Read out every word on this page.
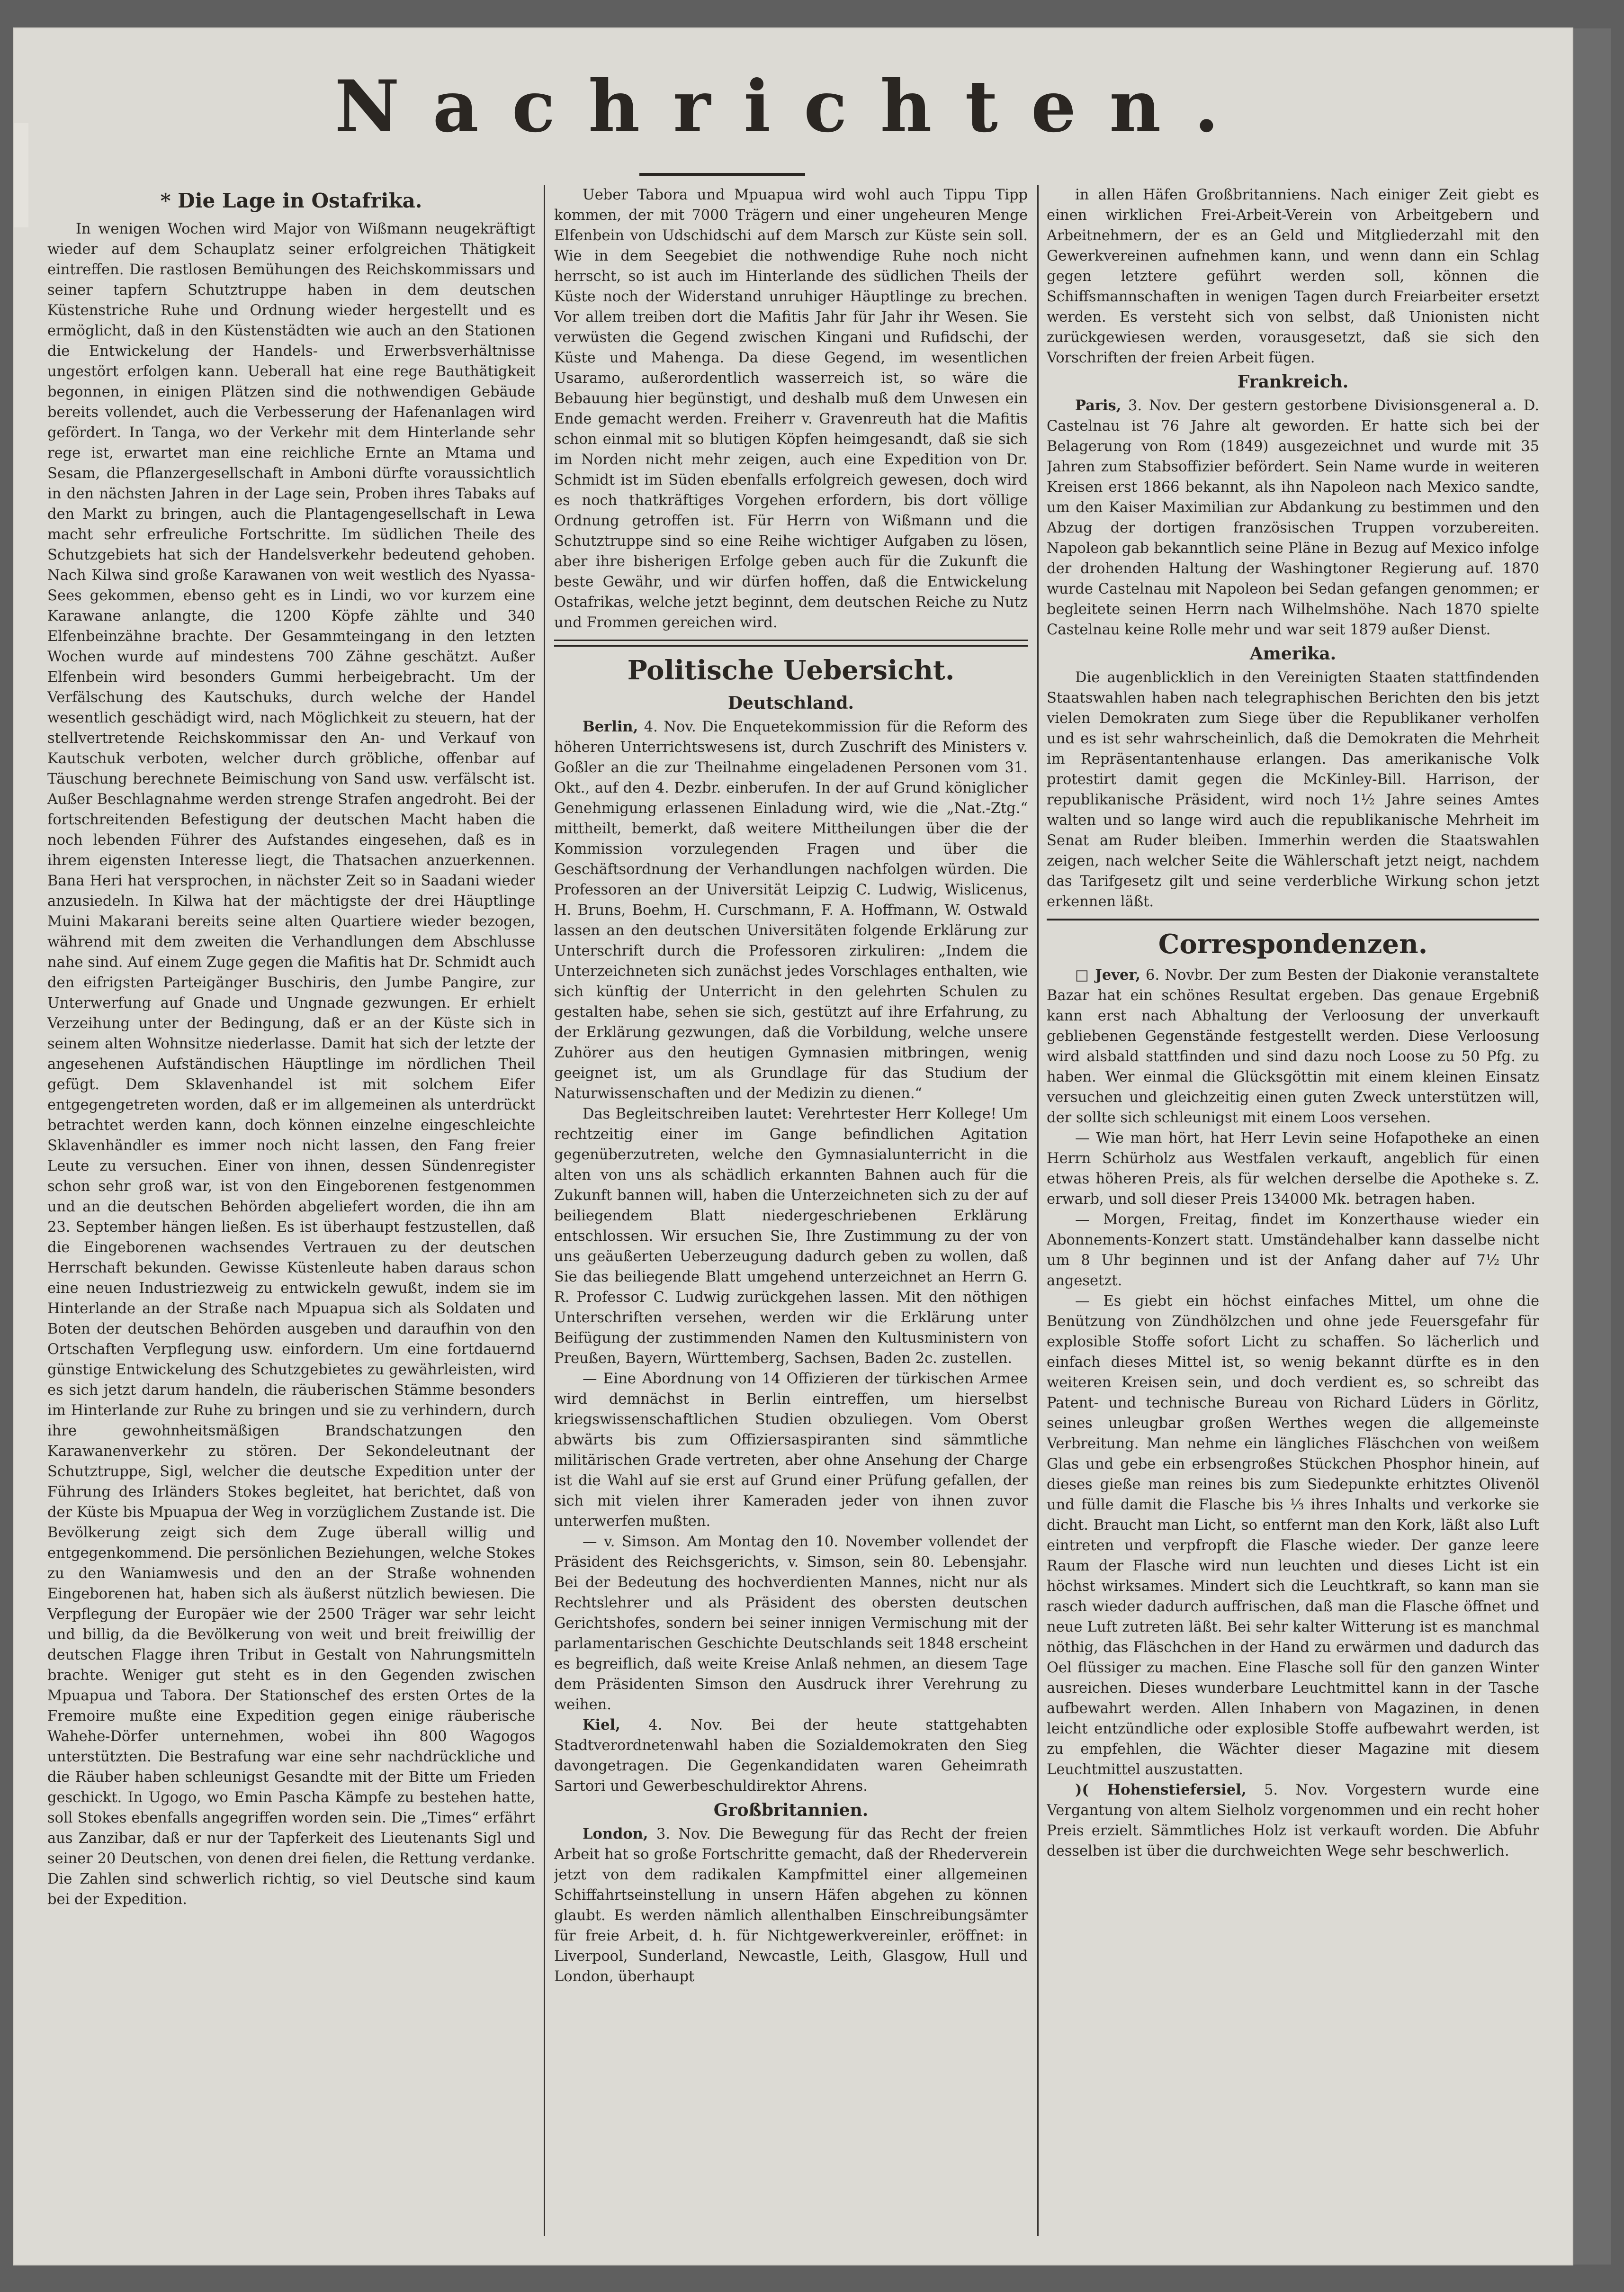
Nachrichten.
* Die Lage in Ostafrika.

In wenigen Wochen wird Major von Wißmann neugekräftigt wieder auf dem Schauplatz seiner erfolgreichen Thätigkeit eintreffen. Die rastlosen Bemühungen des Reichskommissars und seiner tapfern Schutztruppe haben in dem deutschen Küstenstriche Ruhe und Ordnung wieder hergestellt und es ermöglicht, daß in den Küstenstädten wie auch an den Stationen die Entwickelung der Handels- und Erwerbsverhältnisse ungestört erfolgen kann. Ueberall hat eine rege Bauthätigkeit begonnen, in einigen Plätzen sind die nothwendigen Gebäude bereits vollendet, auch die Verbesserung der Hafenanlagen wird gefördert. In Tanga, wo der Verkehr mit dem Hinterlande sehr rege ist, erwartet man eine reichliche Ernte an Mtama und Sesam, die Pflanzergesellschaft in Amboni dürfte voraussichtlich in den nächsten Jahren in der Lage sein, Proben ihres Tabaks auf den Markt zu bringen, auch die Plantagengesellschaft in Lewa macht sehr erfreuliche Fortschritte. Im südlichen Theile des Schutzgebiets hat sich der Handelsverkehr bedeutend gehoben. Nach Kilwa sind große Karawanen von weit westlich des Nyassa-Sees gekommen, ebenso geht es in Lindi, wo vor kurzem eine Karawane anlangte, die 1200 Köpfe zählte und 340 Elfenbeinzähne brachte. Der Gesammteingang in den letzten Wochen wurde auf mindestens 700 Zähne geschätzt. Außer Elfenbein wird besonders Gummi herbeigebracht. Um der Verfälschung des Kautschuks, durch welche der Handel wesentlich geschädigt wird, nach Möglichkeit zu steuern, hat der stellvertretende Reichskommissar den An- und Verkauf von Kautschuk verboten, welcher durch gröbliche, offenbar auf Täuschung berechnete Beimischung von Sand usw. verfälscht ist. Außer Beschlagnahme werden strenge Strafen angedroht. Bei der fortschreitenden Befestigung der deutschen Macht haben die noch lebenden Führer des Aufstandes eingesehen, daß es in ihrem eigensten Interesse liegt, die Thatsachen anzuerkennen. Bana Heri hat versprochen, in nächster Zeit so in Saadani wieder anzusiedeln. In Kilwa hat der mächtigste der drei Häuptlinge Muini Makarani bereits seine alten Quartiere wieder bezogen, während mit dem zweiten die Verhandlungen dem Abschlusse nahe sind. Auf einem Zuge gegen die Mafitis hat Dr. Schmidt auch den eifrigsten Parteigänger Buschiris, den Jumbe Pangire, zur Unterwerfung auf Gnade und Ungnade gezwungen. Er erhielt Verzeihung unter der Bedingung, daß er an der Küste sich in seinem alten Wohnsitze niederlasse. Damit hat sich der letzte der angesehenen Aufständischen Häuptlinge im nördlichen Theil gefügt. Dem Sklavenhandel ist mit solchem Eifer entgegengetreten worden, daß er im allgemeinen als unterdrückt betrachtet werden kann, doch können einzelne eingeschleichte Sklavenhändler es immer noch nicht lassen, den Fang freier Leute zu versuchen. Einer von ihnen, dessen Sündenregister schon sehr groß war, ist von den Eingeborenen festgenommen und an die deutschen Behörden abgeliefert worden, die ihn am 23. September hängen ließen. Es ist überhaupt festzustellen, daß die Eingeborenen wachsendes Vertrauen zu der deutschen Herrschaft bekunden. Gewisse Küstenleute haben daraus schon eine neuen Industriezweig zu entwickeln gewußt, indem sie im Hinterlande an der Straße nach Mpuapua sich als Soldaten und Boten der deutschen Behörden ausgeben und daraufhin von den Ortschaften Verpflegung usw. einfordern. Um eine fortdauernd günstige Entwickelung des Schutzgebietes zu gewährleisten, wird es sich jetzt darum handeln, die räuberischen Stämme besonders im Hinterlande zur Ruhe zu bringen und sie zu verhindern, durch ihre gewohnheitsmäßigen Brandschatzungen den Karawanenverkehr zu stören. Der Sekondeleutnant der Schutztruppe, Sigl, welcher die deutsche Expedition unter der Führung des Irländers Stokes begleitet, hat berichtet, daß von der Küste bis Mpuapua der Weg in vorzüglichem Zustande ist. Die Bevölkerung zeigt sich dem Zuge überall willig und entgegenkommend. Die persönlichen Beziehungen, welche Stokes zu den Waniamwesis und den an der Straße wohnenden Eingeborenen hat, haben sich als äußerst nützlich bewiesen. Die Verpflegung der Europäer wie der 2500 Träger war sehr leicht und billig, da die Bevölkerung von weit und breit freiwillig der deutschen Flagge ihren Tribut in Gestalt von Nahrungsmitteln brachte. Weniger gut steht es in den Gegenden zwischen Mpuapua und Tabora. Der Stationschef des ersten Ortes de la Fremoire mußte eine Expedition gegen einige räuberische Wahehe-Dörfer unternehmen, wobei ihn 800 Wagogos unterstützten. Die Bestrafung war eine sehr nachdrückliche und die Räuber haben schleunigst Gesandte mit der Bitte um Frieden geschickt. In Ugogo, wo Emin Pascha Kämpfe zu bestehen hatte, soll Stokes ebenfalls angegriffen worden sein. Die „Times“ erfährt aus Zanzibar, daß er nur der Tapferkeit des Lieutenants Sigl und seiner 20 Deutschen, von denen drei fielen, die Rettung verdanke. Die Zahlen sind schwerlich richtig, so viel Deutsche sind kaum bei der Expedition.

Ueber Tabora und Mpuapua wird wohl auch Tippu Tipp kommen, der mit 7000 Trägern und einer ungeheuren Menge Elfenbein von Udschidschi auf dem Marsch zur Küste sein soll. Wie in dem Seegebiet die nothwendige Ruhe noch nicht herrscht, so ist auch im Hinterlande des südlichen Theils der Küste noch der Widerstand unruhiger Häuptlinge zu brechen. Vor allem treiben dort die Mafitis Jahr für Jahr ihr Wesen. Sie verwüsten die Gegend zwischen Kingani und Rufidschi, der Küste und Mahenga. Da diese Gegend, im wesentlichen Usaramo, außerordentlich wasserreich ist, so wäre die Bebauung hier begünstigt, und deshalb muß dem Unwesen ein Ende gemacht werden. Freiherr v. Gravenreuth hat die Mafitis schon einmal mit so blutigen Köpfen heimgesandt, daß sie sich im Norden nicht mehr zeigen, auch eine Expedition von Dr. Schmidt ist im Süden ebenfalls erfolgreich gewesen, doch wird es noch thatkräftiges Vorgehen erfordern, bis dort völlige Ordnung getroffen ist. Für Herrn von Wißmann und die Schutztruppe sind so eine Reihe wichtiger Aufgaben zu lösen, aber ihre bisherigen Erfolge geben auch für die Zukunft die beste Gewähr, und wir dürfen hoffen, daß die Entwickelung Ostafrikas, welche jetzt beginnt, dem deutschen Reiche zu Nutz und Frommen gereichen wird.

Politische Uebersicht.
Deutschland.

Berlin, 4. Nov. Die Enquetekommission für die Reform des höheren Unterrichtswesens ist, durch Zuschrift des Ministers v. Goßler an die zur Theilnahme eingeladenen Personen vom 31. Okt., auf den 4. Dezbr. einberufen. In der auf Grund königlicher Genehmigung erlassenen Einladung wird, wie die „Nat.-Ztg.“ mittheilt, bemerkt, daß weitere Mittheilungen über die der Kommission vorzulegenden Fragen und über die Geschäftsordnung der Verhandlungen nachfolgen würden. Die Professoren an der Universität Leipzig C. Ludwig, Wislicenus, H. Bruns, Boehm, H. Curschmann, F. A. Hoffmann, W. Ostwald lassen an den deutschen Universitäten folgende Erklärung zur Unterschrift durch die Professoren zirkuliren: „Indem die Unterzeichneten sich zunächst jedes Vorschlages enthalten, wie sich künftig der Unterricht in den gelehrten Schulen zu gestalten habe, sehen sie sich, gestützt auf ihre Erfahrung, zu der Erklärung gezwungen, daß die Vorbildung, welche unsere Zuhörer aus den heutigen Gymnasien mitbringen, wenig geeignet ist, um als Grundlage für das Studium der Naturwissenschaften und der Medizin zu dienen.“

Das Begleitschreiben lautet: Verehrtester Herr Kollege! Um rechtzeitig einer im Gange befindlichen Agitation gegenüberzutreten, welche den Gymnasialunterricht in die alten von uns als schädlich erkannten Bahnen auch für die Zukunft bannen will, haben die Unterzeichneten sich zu der auf beiliegendem Blatt niedergeschriebenen Erklärung entschlossen. Wir ersuchen Sie, Ihre Zustimmung zu der von uns geäußerten Ueberzeugung dadurch geben zu wollen, daß Sie das beiliegende Blatt umgehend unterzeichnet an Herrn G. R. Professor C. Ludwig zurückgehen lassen. Mit den nöthigen Unterschriften versehen, werden wir die Erklärung unter Beifügung der zustimmenden Namen den Kultusministern von Preußen, Bayern, Württemberg, Sachsen, Baden 2c. zustellen.

— Eine Abordnung von 14 Offizieren der türkischen Armee wird demnächst in Berlin eintreffen, um hierselbst kriegswissenschaftlichen Studien obzuliegen. Vom Oberst abwärts bis zum Offiziersaspiranten sind sämmtliche militärischen Grade vertreten, aber ohne Ansehung der Charge ist die Wahl auf sie erst auf Grund einer Prüfung gefallen, der sich mit vielen ihrer Kameraden jeder von ihnen zuvor unterwerfen mußten.

— v. Simson. Am Montag den 10. November vollendet der Präsident des Reichsgerichts, v. Simson, sein 80. Lebensjahr. Bei der Bedeutung des hochverdienten Mannes, nicht nur als Rechtslehrer und als Präsident des obersten deutschen Gerichtshofes, sondern bei seiner innigen Vermischung mit der parlamentarischen Geschichte Deutschlands seit 1848 erscheint es begreiflich, daß weite Kreise Anlaß nehmen, an diesem Tage dem Präsidenten Simson den Ausdruck ihrer Verehrung zu weihen.

Kiel, 4. Nov. Bei der heute stattgehabten Stadtverordnetenwahl haben die Sozialdemokraten den Sieg davongetragen. Die Gegenkandidaten waren Geheimrath Sartori und Gewerbeschuldirektor Ahrens.

Großbritannien.

London, 3. Nov. Die Bewegung für das Recht der freien Arbeit hat so große Fortschritte gemacht, daß der Rhederverein jetzt von dem radikalen Kampfmittel einer allgemeinen Schiffahrtseinstellung in unsern Häfen abgehen zu können glaubt. Es werden nämlich allenthalben Einschreibungsämter für freie Arbeit, d. h. für Nichtgewerkvereinler, eröffnet: in Liverpool, Sunderland, Newcastle, Leith, Glasgow, Hull und London, überhaupt

in allen Häfen Großbritanniens. Nach einiger Zeit giebt es einen wirklichen Frei-Arbeit-Verein von Arbeitgebern und Arbeitnehmern, der es an Geld und Mitgliederzahl mit den Gewerkvereinen aufnehmen kann, und wenn dann ein Schlag gegen letztere geführt werden soll, können die Schiffsmannschaften in wenigen Tagen durch Freiarbeiter ersetzt werden. Es versteht sich von selbst, daß Unionisten nicht zurückgewiesen werden, vorausgesetzt, daß sie sich den Vorschriften der freien Arbeit fügen.

Frankreich.

Paris, 3. Nov. Der gestern gestorbene Divisionsgeneral a. D. Castelnau ist 76 Jahre alt geworden. Er hatte sich bei der Belagerung von Rom (1849) ausgezeichnet und wurde mit 35 Jahren zum Stabsoffizier befördert. Sein Name wurde in weiteren Kreisen erst 1866 bekannt, als ihn Napoleon nach Mexico sandte, um den Kaiser Maximilian zur Abdankung zu bestimmen und den Abzug der dortigen französischen Truppen vorzubereiten. Napoleon gab bekanntlich seine Pläne in Bezug auf Mexico infolge der drohenden Haltung der Washingtoner Regierung auf. 1870 wurde Castelnau mit Napoleon bei Sedan gefangen genommen; er begleitete seinen Herrn nach Wilhelmshöhe. Nach 1870 spielte Castelnau keine Rolle mehr und war seit 1879 außer Dienst.

Amerika.

Die augenblicklich in den Vereinigten Staaten stattfindenden Staatswahlen haben nach telegraphischen Berichten den bis jetzt vielen Demokraten zum Siege über die Republikaner verholfen und es ist sehr wahrscheinlich, daß die Demokraten die Mehrheit im Repräsentantenhause erlangen. Das amerikanische Volk protestirt damit gegen die McKinley-Bill. Harrison, der republikanische Präsident, wird noch 1½ Jahre seines Amtes walten und so lange wird auch die republikanische Mehrheit im Senat am Ruder bleiben. Immerhin werden die Staatswahlen zeigen, nach welcher Seite die Wählerschaft jetzt neigt, nachdem das Tarifgesetz gilt und seine verderbliche Wirkung schon jetzt erkennen läßt.

Correspondenzen.

□ Jever, 6. Novbr. Der zum Besten der Diakonie veranstaltete Bazar hat ein schönes Resultat ergeben. Das genaue Ergebniß kann erst nach Abhaltung der Verloosung der unverkauft gebliebenen Gegenstände festgestellt werden. Diese Verloosung wird alsbald stattfinden und sind dazu noch Loose zu 50 Pfg. zu haben. Wer einmal die Glücksgöttin mit einem kleinen Einsatz versuchen und gleichzeitig einen guten Zweck unterstützen will, der sollte sich schleunigst mit einem Loos versehen.

— Wie man hört, hat Herr Levin seine Hofapotheke an einen Herrn Schürholz aus Westfalen verkauft, angeblich für einen etwas höheren Preis, als für welchen derselbe die Apotheke s. Z. erwarb, und soll dieser Preis 134000 Mk. betragen haben.

— Morgen, Freitag, findet im Konzerthause wieder ein Abonnements-Konzert statt. Umständehalber kann dasselbe nicht um 8 Uhr beginnen und ist der Anfang daher auf 7½ Uhr angesetzt.

— Es giebt ein höchst einfaches Mittel, um ohne die Benützung von Zündhölzchen und ohne jede Feuersgefahr für explosible Stoffe sofort Licht zu schaffen. So lächerlich und einfach dieses Mittel ist, so wenig bekannt dürfte es in den weiteren Kreisen sein, und doch verdient es, so schreibt das Patent- und technische Bureau von Richard Lüders in Görlitz, seines unleugbar großen Werthes wegen die allgemeinste Verbreitung. Man nehme ein längliches Fläschchen von weißem Glas und gebe ein erbsengroßes Stückchen Phosphor hinein, auf dieses gieße man reines bis zum Siedepunkte erhitztes Olivenöl und fülle damit die Flasche bis ⅓ ihres Inhalts und verkorke sie dicht. Braucht man Licht, so entfernt man den Kork, läßt also Luft eintreten und verpfropft die Flasche wieder. Der ganze leere Raum der Flasche wird nun leuchten und dieses Licht ist ein höchst wirksames. Mindert sich die Leuchtkraft, so kann man sie rasch wieder dadurch auffrischen, daß man die Flasche öffnet und neue Luft zutreten läßt. Bei sehr kalter Witterung ist es manchmal nöthig, das Fläschchen in der Hand zu erwärmen und dadurch das Oel flüssiger zu machen. Eine Flasche soll für den ganzen Winter ausreichen. Dieses wunderbare Leuchtmittel kann in der Tasche aufbewahrt werden. Allen Inhabern von Magazinen, in denen leicht entzündliche oder explosible Stoffe aufbewahrt werden, ist zu empfehlen, die Wächter dieser Magazine mit diesem Leuchtmittel auszustatten.

)( Hohenstiefersiel, 5. Nov. Vorgestern wurde eine Vergantung von altem Sielholz vorgenommen und ein recht hoher Preis erzielt. Sämmtliches Holz ist verkauft worden. Die Abfuhr desselben ist über die durchweichten Wege sehr beschwerlich.
